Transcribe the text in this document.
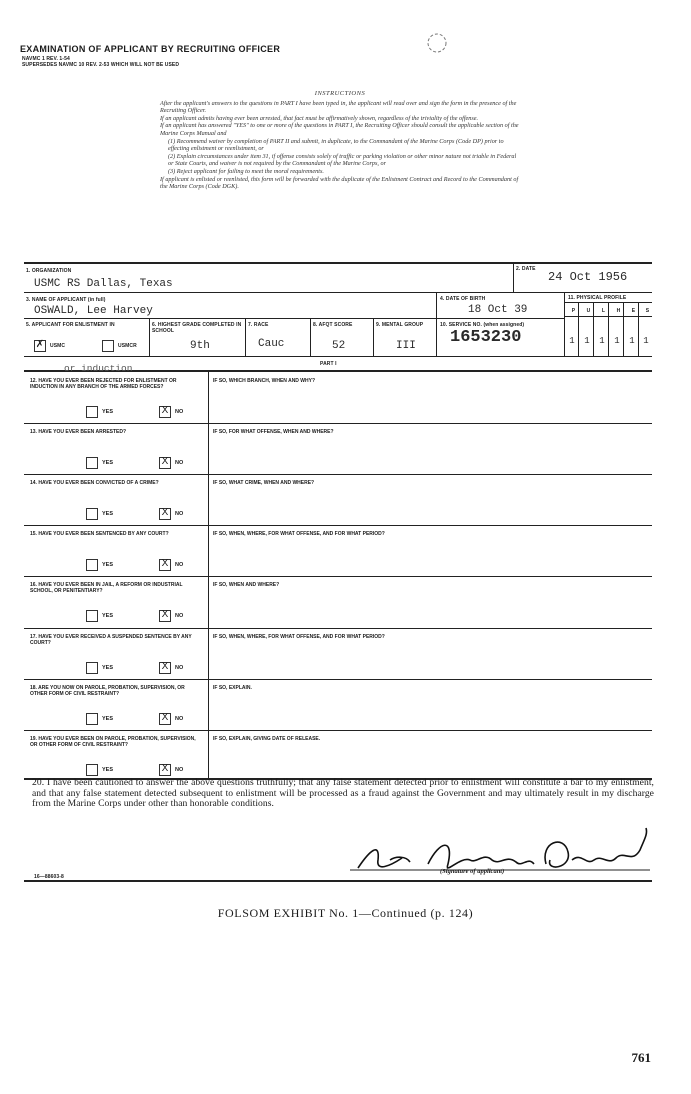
EXAMINATION OF APPLICANT BY RECRUITING OFFICER
NAVMC 1 REV. 1-54
SUPERSEDES NAVMC 10 REV. 2-53 WHICH WILL NOT BE USED
INSTRUCTIONS

After the applicant's answers to the questions in PART I have been typed in, the applicant will read over and sign the form in the presence of the Recruiting Officer.

If an applicant admits having ever been arrested, that fact must be affirmatively shown, regardless of the triviality of the offense.

If an applicant has answered "YES" to one or more of the questions in PART I, the Recruiting Officer should consult the applicable section of the Marine Corps Manual and

(1) Recommend waiver by completion of PART II and submit, in duplicate, to the Commandant of the Marine Corps (Code DP) prior to effecting enlistment or reenlistment, or

(2) Explain circumstances under item 31, if offense consists solely of traffic or parking violation or other minor nature not triable in Federal or State Courts, and waiver is not required by the Commandant of the Marine Corps, or

(3) Reject applicant for failing to meet the moral requirements.

If applicant is enlisted or reenlisted, this form will be forwarded with the duplicate of the Enlistment Contract and Record to the Commandant of the Marine Corps (Code DGK).

1. ORGANIZATION
USMC RS Dallas, Texas
2. DATE
24 Oct 1956
3. NAME OF APPLICANT (in full)
OSWALD, Lee Harvey
4. DATE OF BIRTH
18 Oct 39
11. PHYSICAL PROFILE
P	U	L	H	E	S
1	1	1	1	1 1
5. APPLICANT FOR ENLISTMENT IN
✗ USMC	USMCR
6. HIGHEST GRADE COMPLETED IN SCHOOL
9th
7. RACE
Cauc
8. AFQT SCORE
52
9. MENTAL GROUP
III
10. SERVICE NO. (when assigned)
1653230
or induction	PART I
12. HAVE YOU EVER BEEN REJECTED FOR ENLISTMENT OR INDUCTION IN ANY BRANCH OF THE ARMED FORCES?
IF SO, WHICH BRANCH, WHEN AND WHY?
YES	X	NO
13. HAVE YOU EVER BEEN ARRESTED?	IF SO, FOR WHAT OFFENSE, WHEN AND WHERE?
YES	X	NO
14. HAVE YOU EVER BEEN CONVICTED OF A CRIME?	IF SO, WHAT CRIME, WHEN AND WHERE?
YES	X	NO
15. HAVE YOU EVER BEEN SENTENCED BY ANY COURT?	IF SO, WHEN, WHERE, FOR WHAT OFFENSE, AND FOR WHAT PERIOD?
YES	X	NO
16. HAVE YOU EVER BEEN IN JAIL, A REFORM OR INDUSTRIAL SCHOOL, OR PENITENTIARY?
IF SO, WHEN AND WHERE?
YES	X	NO
17. HAVE YOU EVER RECEIVED A SUSPENDED SENTENCE BY ANY COURT?
IF SO, WHEN, WHERE, FOR WHAT OFFENSE, AND FOR WHAT PERIOD?
YES	X	NO
18. ARE YOU NOW ON PAROLE, PROBATION, SUPERVISION, OR OTHER FORM OF CIVIL RESTRAINT?
IF SO, EXPLAIN.
YES	X	NO
19. HAVE YOU EVER BEEN ON PAROLE, PROBATION, SUPERVISION, OR OTHER FORM OF CIVIL RESTRAINT?
IF SO, EXPLAIN, GIVING DATE OF RELEASE.
YES	X	NO
20. I have been cautioned to answer the above questions truthfully; that any false statement detected prior to enlistment will constitute a bar to my enlistment, and that any false statement detected subsequent to enlistment will be processed as a fraud against the Government and may ultimately result in my discharge from the Marine Corps under other than honorable conditions.
(Signature of applicant)
16—88603-8
FOLSOM EXHIBIT No. 1—Continued (p. 124)
761
